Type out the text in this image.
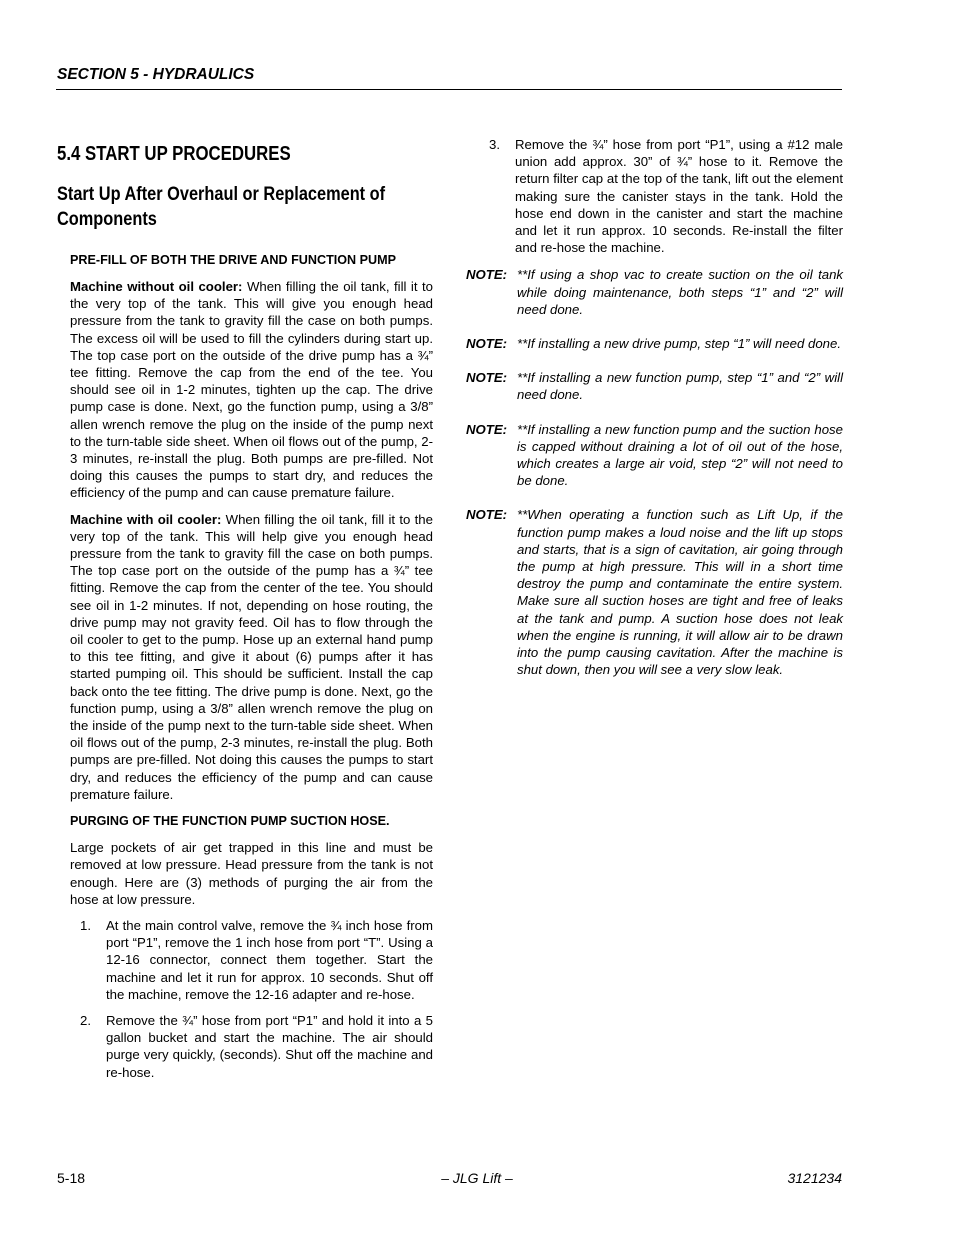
SECTION 5 - HYDRAULICS
5.4 START UP PROCEDURES
Start Up After Overhaul or Replacement of Components

PRE-FILL OF BOTH THE DRIVE AND FUNCTION PUMP

Machine without oil cooler: When filling the oil tank, fill it to the very top of the tank. This will give you enough head pressure from the tank to gravity fill the case on both pumps. The excess oil will be used to fill the cylinders during start up. The top case port on the outside of the drive pump has a ¾” tee fitting. Remove the cap from the end of the tee. You should see oil in 1-2 minutes, tighten up the cap. The drive pump case is done. Next, go the function pump, using a 3/8” allen wrench remove the plug on the inside of the pump next to the turn-table side sheet. When oil flows out of the pump, 2-3 minutes, re-install the plug. Both pumps are pre-filled. Not doing this causes the pumps to start dry, and reduces the efficiency of the pump and can cause premature failure.

Machine with oil cooler: When filling the oil tank, fill it to the very top of the tank. This will help give you enough head pressure from the tank to gravity fill the case on both pumps. The top case port on the outside of the pump has a ¾” tee fitting. Remove the cap from the center of the tee. You should see oil in 1-2 minutes. If not, depending on hose routing, the drive pump may not gravity feed. Oil has to flow through the oil cooler to get to the pump. Hose up an external hand pump to this tee fitting, and give it about (6) pumps after it has started pumping oil. This should be sufficient. Install the cap back onto the tee fitting. The drive pump is done. Next, go the function pump, using a 3/8” allen wrench remove the plug on the inside of the pump next to the turn-table side sheet. When oil flows out of the pump, 2-3 minutes, re-install the plug. Both pumps are pre-filled. Not doing this causes the pumps to start dry, and reduces the efficiency of the pump and can cause premature failure.

PURGING OF THE FUNCTION PUMP SUCTION HOSE.

Large pockets of air get trapped in this line and must be removed at low pressure. Head pressure from the tank is not enough. Here are (3) methods of purging the air from the hose at low pressure.

1.	At the main control valve, remove the ¾ inch hose from port “P1”, remove the 1 inch hose from port “T”. Using a 12-16 connector, connect them together. Start the machine and let it run for approx. 10 seconds. Shut off the machine, remove the 12-16 adapter and re-hose.
2.	Remove the ¾” hose from port “P1” and hold it into a 5 gallon bucket and start the machine. The air should purge very quickly, (seconds). Shut off the machine and re-hose.
3.	Remove the ¾” hose from port “P1”, using a #12 male union add approx. 30” of ¾” hose to it. Remove the return filter cap at the top of the tank, lift out the element making sure the canister stays in the tank. Hold the hose end down in the canister and start the machine and let it run approx. 10 seconds. Re-install the filter and re-hose the machine.
NOTE: **If using a shop vac to create suction on the oil tank while doing maintenance, both steps “1” and “2” will need done.
NOTE: **If installing a new drive pump, step “1” will need done.
NOTE: **If installing a new function pump, step “1” and “2” will need done.
NOTE: **If installing a new function pump and the suction hose is capped without draining a lot of oil out of the hose, which creates a large air void, step “2” will not need to be done.
NOTE: **When operating a function such as Lift Up, if the function pump makes a loud noise and the lift up stops and starts, that is a sign of cavitation, air going through the pump at high pressure. This will in a short time destroy the pump and contaminate the entire system. Make sure all suction hoses are tight and free of leaks at the tank and pump. A suction hose does not leak when the engine is running, it will allow air to be drawn into the pump causing cavitation. After the machine is shut down, then you will see a very slow leak.
5-18	– JLG Lift –	3121234
